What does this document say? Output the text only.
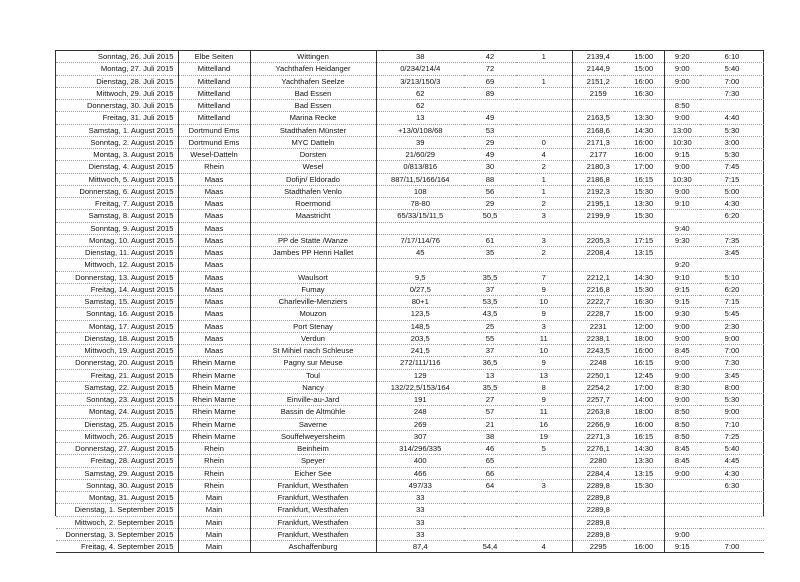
Sonntag, 26. Juli 2015	Elbe Seiten	Wittingen	38	42	1	2139,4	15:00	9:20	6:10
Montag, 27. Juli 2015	Mittelland	Yachthafen Heidanger	0/234/214/4	72		2144,9	15:00	9:00	5:40
Dienstag, 28. Juli 2015	Mittelland	Yachthafen Seelze	3/213/150/3	69	1	2151,2	16:00	9:00	7:00
Mittwoch, 29. Juli 2015	Mittelland	Bad Essen	62	89		2159	16:30		7:30
Donnerstag, 30. Juli 2015	Mittelland	Bad Essen	62					8:50	
Freitag, 31. Juli 2015	Mittelland	Marina Recke	13	49		2163,5	13:30	9:00	4:40
Samstag, 1. August 2015	Dortmund Ems	Stadthafen Münster	+13/0/108/68	53		2168,6	14:30	13:00	5:30
Sonntag, 2. August 2015	Dortmund Ems	MYC Datteln	39	29	0	2171,3	16:00	10:30	3:00
Montag, 3. August 2015	Wesel-Datteln	Dorsten	21/60/29	49	4	2177	16:00	9:15	5:30
Dienstag, 4. August 2015	Rhein	Wesel	0/813/816	30	2	2180,3	17:00	9:00	7:45
Mittwoch, 5. August 2015	Maas	Dofijn/ Eldorado	887/11,5/166/164	88	1	2186,8	16:15	10:30	7:15
Donnerstag, 6. August 2015	Maas	Stadthafen Venlo	108	56	1	2192,3	15:30	9:00	5:00
Freitag, 7. August 2015	Maas	Roermond	78-80	29	2	2195,1	13:30	9:10	4:30
Samstag, 8. August 2015	Maas	Maastricht	65/33/15/11,5	50,5	3	2199,9	15:30		6:20
Sonntag, 9. August 2015	Maas							9:40	
Montag, 10. August 2015	Maas	PP de Statte /Wanze	7/17/114/76	61	3	2205,3	17:15	9:30	7:35
Dienstag, 11. August 2015	Maas	Jambes PP Henri Hallet	45	35	2	2208,4	13:15		3:45
Mittwoch, 12. August 2015	Maas							9:20	
Donnerstag, 13. August 2015	Maas	Waulsort	9,5	35,5	7	2212,1	14:30	9:10	5:10
Freitag, 14. August 2015	Maas	Fumay	0/27,5	37	9	2216,8	15:30	9:15	6:20
Samstag, 15. August 2015	Maas	Charleville-Menziers	80+1	53,5	10	2222,7	16:30	9:15	7:15
Sonntag, 16. August 2015	Maas	Mouzon	123,5	43,5	9	2228,7	15:00	9:30	5:45
Montag, 17. August 2015	Maas	Port Stenay	148,5	25	3	2231	12:00	9:00	2:30
Dienstag, 18. August 2015	Maas	Verdun	203,5	55	11	2238,1	18:00	9:00	9:00
Mittwoch, 19. August 2015	Maas	St Mihiel nach Schleuse	241,5	37	10	2243,5	16:00	8:45	7:00
Donnerstag, 20. August 2015	Rhein Marne	Pagny sur Meuse	272/111/116	36,5	9	2248	16:15	9:00	7:30
Freitag, 21. August 2015	Rhein Marne	Toul	129	13	13	2250,1	12:45	9:00	3:45
Samstag, 22. August 2015	Rhein Marne	Nancy	132/22,5/153/164	35,5	8	2254,2	17:00	8:30	8:00
Sonntag, 23. August 2015	Rhein Marne	Einville-au-Jard	191	27	9	2257,7	14:00	9:00	5:30
Montag, 24. August 2015	Rhein Marne	Bassin de Altmühle	248	57	11	2263,8	18:00	8:50	9:00
Dienstag, 25. August 2015	Rhein Marne	Saverne	269	21	16	2266,9	16:00	8:50	7:10
Mittwoch, 26. August 2015	Rhein Marne	Souffelweyersheim	307	38	19	2271,3	16:15	8:50	7:25
Donnerstag, 27. August 2015	Rhein	Beinheim	314/296/335	46	5	2276,1	14:30	8:45	5:40
Freitag, 28. August 2015	Rhein	Speyer	400	65		2280	13:30	8:45	4:45
Samstag, 29. August 2015	Rhein	Eicher See	466	66		2284,4	13:15	9:00	4:30
Sonntag, 30. August 2015	Rhein	Frankfurt, Westhafen	497/33	64	3	2289,8	15:30		6:30
Montag, 31. August 2015	Main	Frankfurt, Westhafen	33			2289,8			
Dienstag, 1. September 2015	Main	Frankfurt, Westhafen	33			2289,8			
Mittwoch, 2. September 2015	Main	Frankfurt, Westhafen	33			2289,8			
Donnerstag, 3. September 2015	Main	Frankfurt, Westhafen	33			2289,8		9:00	
Freitag, 4. September 2015	Main	Aschaffenburg	87,4	54,4	4	2295	16:00	9:15	7:00
